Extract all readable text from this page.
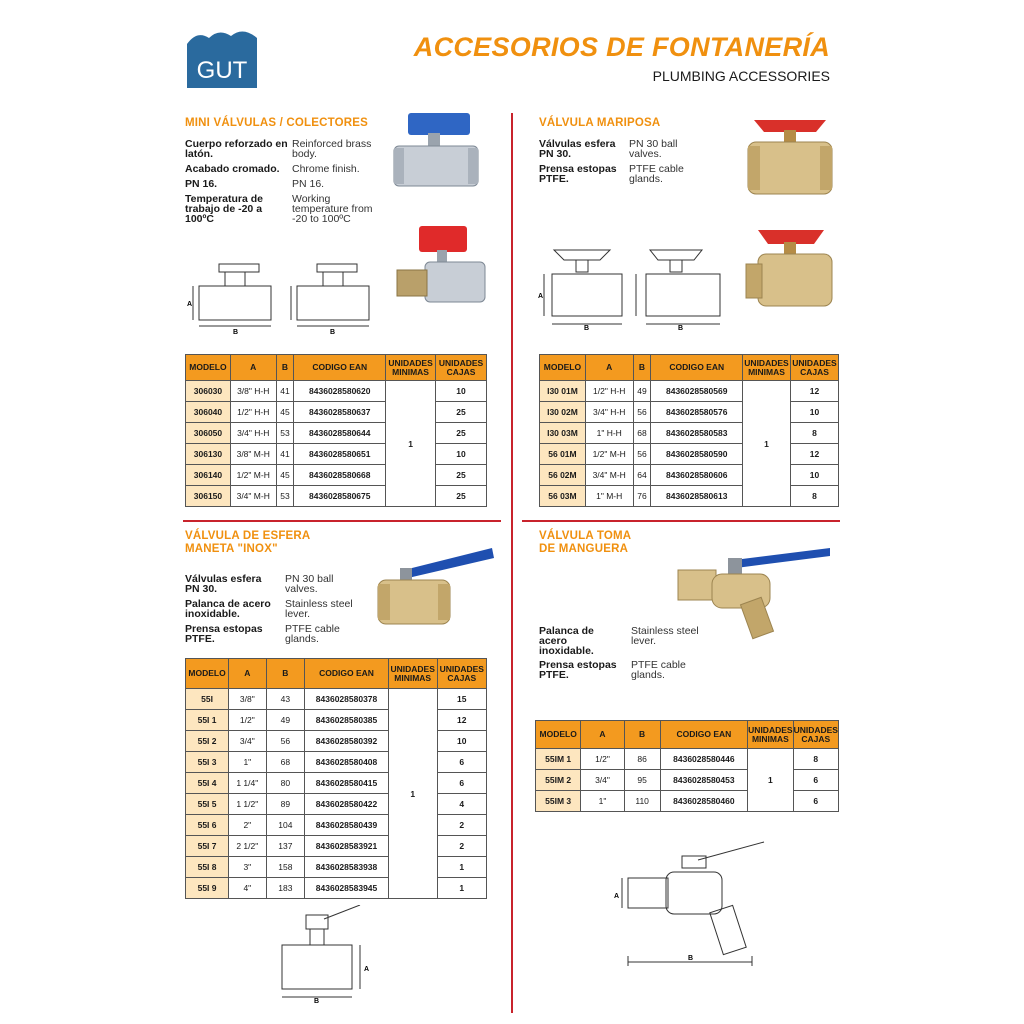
GUT
ACCESORIOS DE FONTANERÍA
PLUMBING ACCESSORIES
MINI VÁLVULAS / COLECTORES
Cuerpo reforzado en latón.
Reinforced brass body.
Acabado cromado.	Chrome finish.
PN 16.	PN 16.
Temperatura de trabajo de -20 a 100ºC
Working temperature from -20 to 100ºC
A
B	B
MODELO	A	B	CODIGO EAN	UNIDADES MINIMAS	UNIDADES CAJAS
306030	3/8" H-H	41	8436028580620	1	10
306040	1/2" H-H	45	8436028580637		25
306050	3/4" H-H	53	8436028580644		25
306130	3/8" M-H	41	8436028580651		10
306140	1/2" M-H	45	8436028580668		25
306150	3/4" M-H	53	8436028580675		25
VÁLVULA MARIPOSA
Válvulas esfera PN 30.
PN 30 ball valves.
Prensa estopas PTFE.
PTFE cable glands.
A
B	B
MODELO	A	B	CODIGO EAN	UNIDADES MINIMAS	UNIDADES CAJAS
I30 01M	1/2" H-H	49	8436028580569	1	12
I30 02M	3/4" H-H	56	8436028580576		10
I30 03M	1" H-H	68	8436028580583		8
56 01M	1/2" M-H	56	8436028580590		12
56 02M	3/4" M-H	64	8436028580606		10
56 03M	1" M-H	76	8436028580613		8
VÁLVULA DE ESFERA
MANETA "INOX"
Válvulas esfera PN 30.
PN 30 ball valves.
Palanca de acero inoxidable.
Stainless steel lever.
Prensa estopas PTFE.
PTFE cable glands.
MODELO	A	B	CODIGO EAN	UNIDADES MINIMAS	UNIDADES CAJAS
55I	3/8"	43	8436028580378	1	15
55I 1	1/2"	49	8436028580385		12
55I 2	3/4"	56	8436028580392		10
55I 3	1"	68	8436028580408		6
55I 4	1 1/4"	80	8436028580415		6
55I 5	1 1/2"	89	8436028580422		4
55I 6	2"	104	8436028580439		2
55I 7	2 1/2"	137	8436028583921		2
55I 8	3"	158	8436028583938		1
55I 9	4"	183	8436028583945		1
A
B
VÁLVULA TOMA
DE MANGUERA
Palanca de acero inoxidable.
Stainless steel lever.
Prensa estopas PTFE.
PTFE cable glands.
MODELO	A	B	CODIGO EAN	UNIDADES MINIMAS	UNIDADES CAJAS
55IM 1	1/2"	86	8436028580446	1	8
55IM 2	3/4"	95	8436028580453		6
55IM 3	1"	110	8436028580460		6
A
B
